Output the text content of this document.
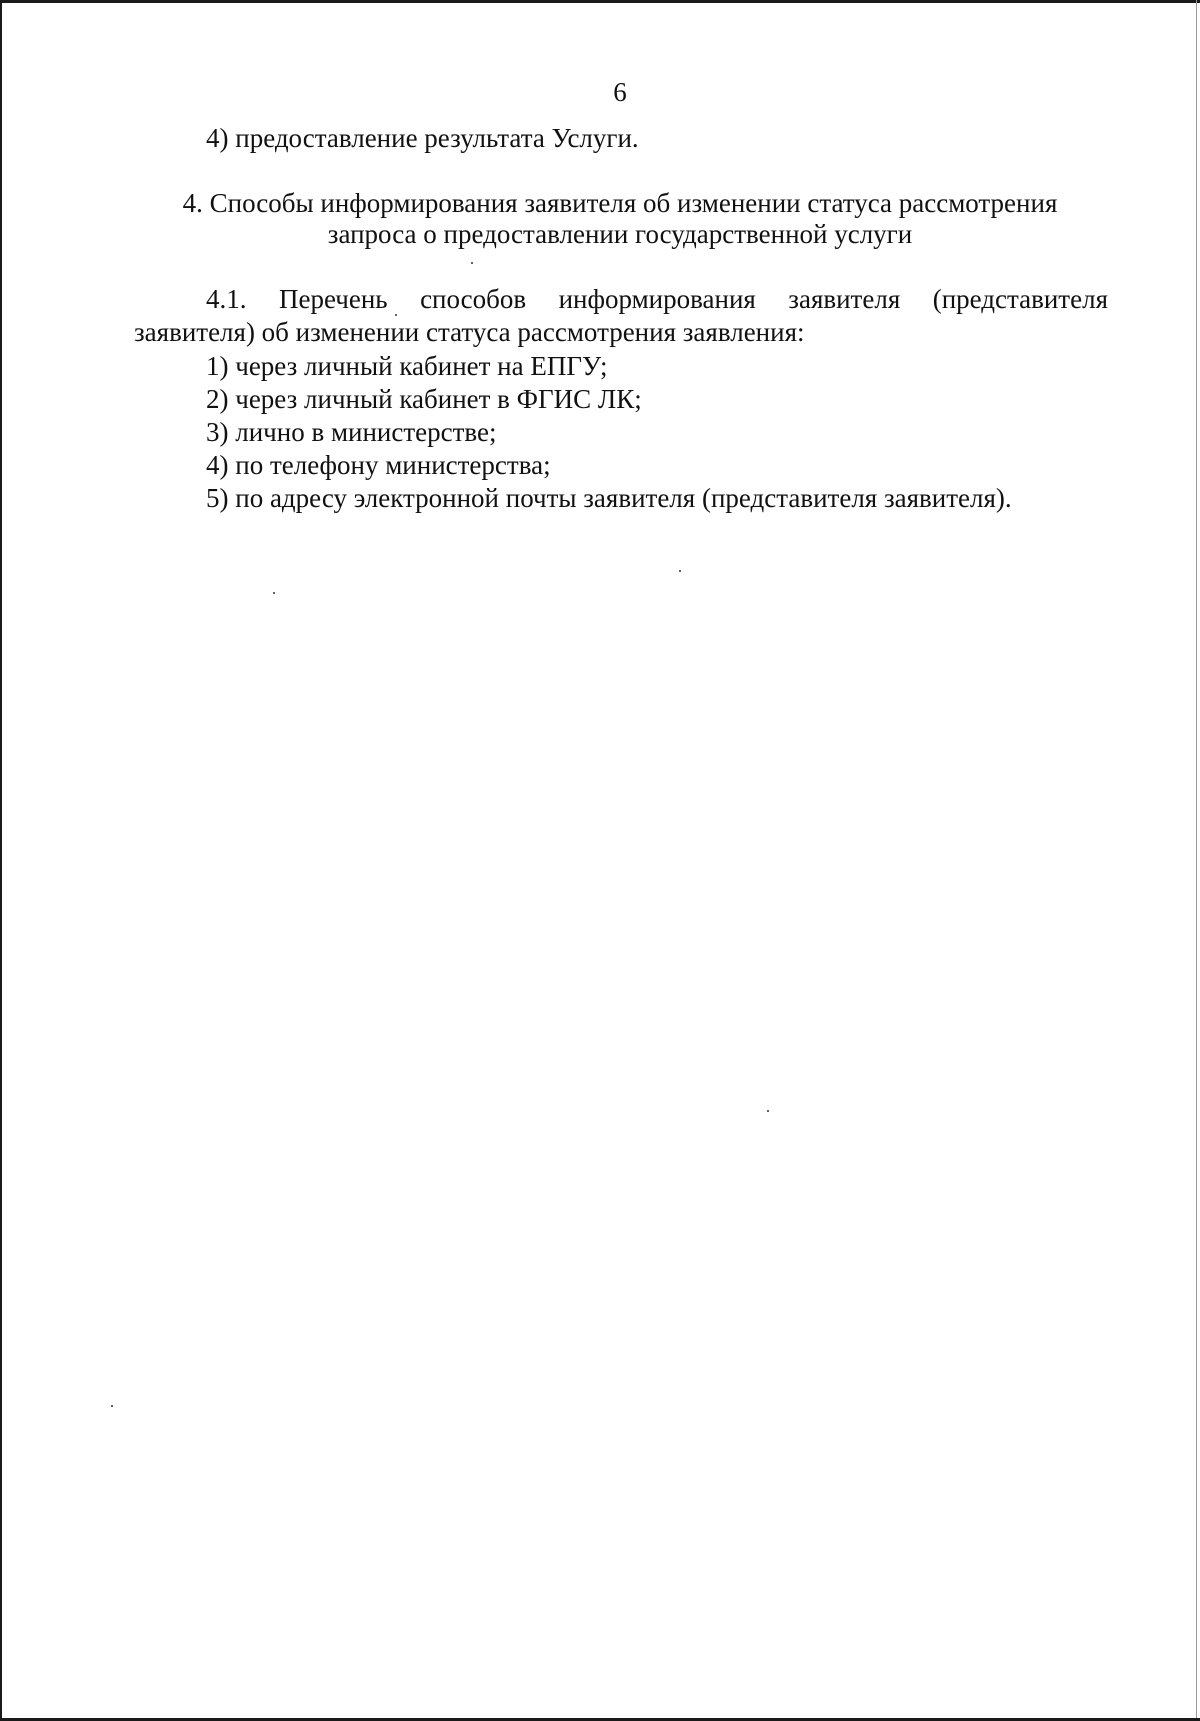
6
4) предоставление результата Услуги.
4. Способы информирования заявителя об изменении статуса рассмотрения
запроса о предоставлении государственной услуги
4.1. Перечень способов информирования заявителя (представителя
заявителя) об изменении статуса рассмотрения заявления:
1) через личный кабинет на ЕПГУ;
2) через личный кабинет в ФГИС ЛК;
3) лично в министерстве;
4) по телефону министерства;
5) по адресу электронной почты заявителя (представителя заявителя).
